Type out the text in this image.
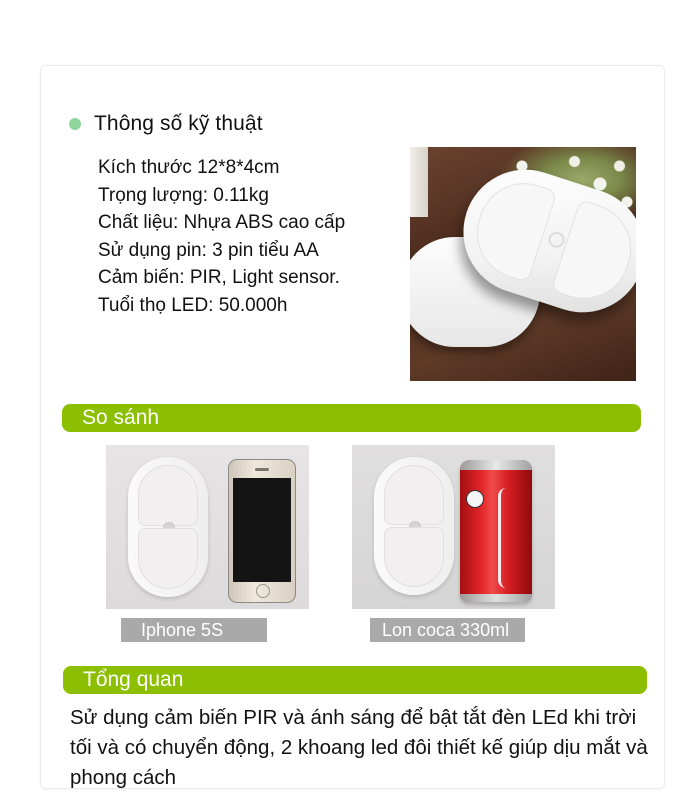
Thông số kỹ thuật
Kích thước 12*8*4cm
Trọng lượng: 0.11kg
Chất liệu: Nhựa ABS cao cấp
Sử dụng pin: 3 pin tiểu AA
Cảm biến: PIR, Light sensor.
Tuổi thọ LED: 50.000h
So sánh
Iphone 5S	Lon coca 330ml
Tổng quan

Sử dụng cảm biến PIR và ánh sáng để bật tắt đèn LEd khi trời tối và có chuyển động, 2 khoang led đôi thiết kế giúp dịu mắt và phong cách
